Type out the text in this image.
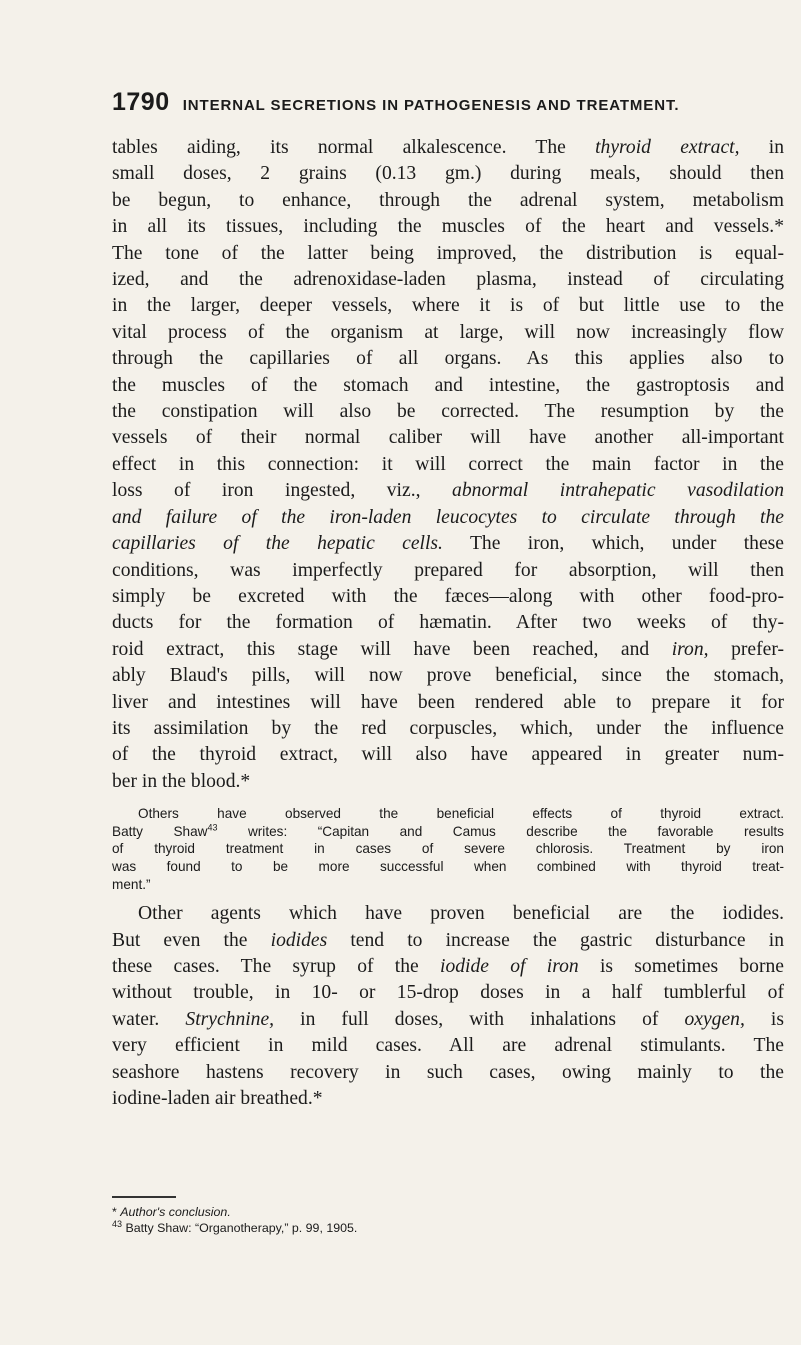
1790 INTERNAL SECRETIONS IN PATHOGENESIS AND TREATMENT.
tables aiding, its normal alkalescence. The thyroid extract, in
small doses, 2 grains (0.13 gm.) during meals, should then
be begun, to enhance, through the adrenal system, metabolism
in all its tissues, including the muscles of the heart and vessels.*
The tone of the latter being improved, the distribution is equal-
ized, and the adrenoxidase-laden plasma, instead of circulating
in the larger, deeper vessels, where it is of but little use to the
vital process of the organism at large, will now increasingly flow
through the capillaries of all organs. As this applies also to
the muscles of the stomach and intestine, the gastroptosis and
the constipation will also be corrected. The resumption by the
vessels of their normal caliber will have another all-important
effect in this connection: it will correct the main factor in the
loss of iron ingested, viz., abnormal intrahepatic vasodilation
and failure of the iron-laden leucocytes to circulate through the
capillaries of the hepatic cells. The iron, which, under these
conditions, was imperfectly prepared for absorption, will then
simply be excreted with the fæces—along with other food-pro-
ducts for the formation of hæmatin. After two weeks of thy-
roid extract, this stage will have been reached, and iron, prefer-
ably Blaud's pills, will now prove beneficial, since the stomach,
liver and intestines will have been rendered able to prepare it for
its assimilation by the red corpuscles, which, under the influence
of the thyroid extract, will also have appeared in greater num-
ber in the blood.*
Others have observed the beneficial effects of thyroid extract.
Batty Shaw$^{43}$ writes: “Capitan and Camus describe the favorable results
of thyroid treatment in cases of severe chlorosis. Treatment by iron
was found to be more successful when combined with thyroid treat-
ment.”
Other agents which have proven beneficial are the iodides.
But even the iodides tend to increase the gastric disturbance in
these cases. The syrup of the iodide of iron is sometimes borne
without trouble, in 10- or 15-drop doses in a half tumblerful of
water. Strychnine, in full doses, with inhalations of oxygen, is
very efficient in mild cases. All are adrenal stimulants. The
seashore hastens recovery in such cases, owing mainly to the
iodine-laden air breathed.*
* Author's conclusion.
$^{43}$ Batty Shaw: “Organotherapy,” p. 99, 1905.
